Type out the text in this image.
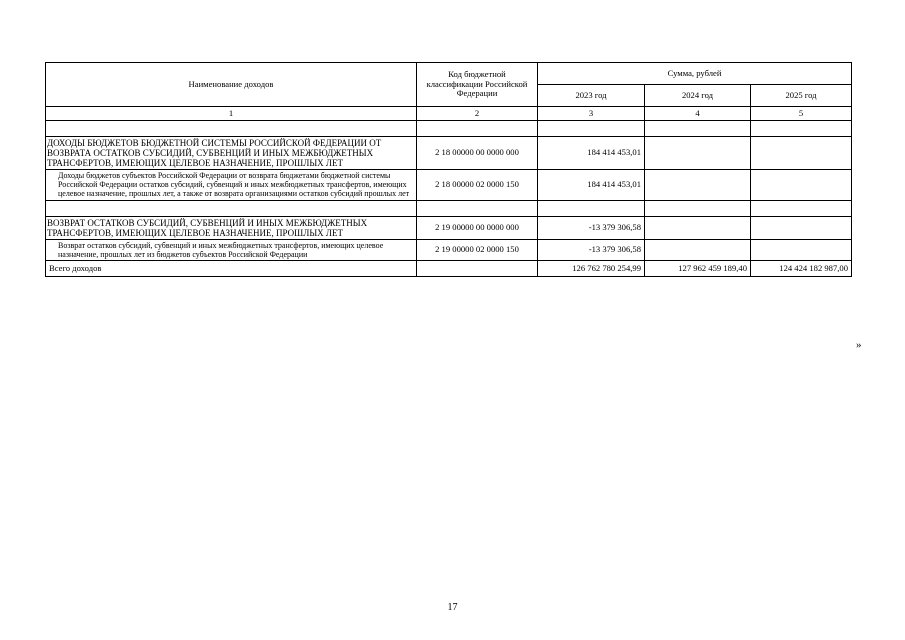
Наименование доходов	Код бюджетной классификации Российской Федерации	Сумма, рублей		
		2023 год	2024 год	2025 год
1	2	3	4	5

ДОХОДЫ БЮДЖЕТОВ БЮДЖЕТНОЙ СИСТЕМЫ РОССИЙСКОЙ ФЕДЕРАЦИИ ОТ ВОЗВРАТА ОСТАТКОВ СУБСИДИЙ, СУБВЕНЦИЙ И ИНЫХ МЕЖБЮДЖЕТНЫХ ТРАНСФЕРТОВ, ИМЕЮЩИХ ЦЕЛЕВОЕ НАЗНАЧЕНИЕ, ПРОШЛЫХ ЛЕТ	2 18 00000 00 0000 000	184 414 453,01		
Доходы бюджетов субъектов Российской Федерации от возврата бюджетами бюджетной системы Российской Федерации остатков субсидий, субвенций и иных межбюджетных трансфертов, имеющих целевое назначение, прошлых лет, а также от возврата организациями остатков субсидий прошлых лет	2 18 00000 02 0000 150	184 414 453,01		

ВОЗВРАТ ОСТАТКОВ СУБСИДИЙ, СУБВЕНЦИЙ И ИНЫХ МЕЖБЮДЖЕТНЫХ ТРАНСФЕРТОВ, ИМЕЮЩИХ ЦЕЛЕВОЕ НАЗНАЧЕНИЕ, ПРОШЛЫХ ЛЕТ	2 19 00000 00 0000 000	-13 379 306,58		
Возврат остатков субсидий, субвенций и иных межбюджетных трансфертов, имеющих целевое назначение, прошлых лет из бюджетов субъектов Российской Федерации	2 19 00000 02 0000 150	-13 379 306,58		
Всего доходов		126 762 780 254,99	127 962 459 189,40	124 424 182 987,00
»
17
